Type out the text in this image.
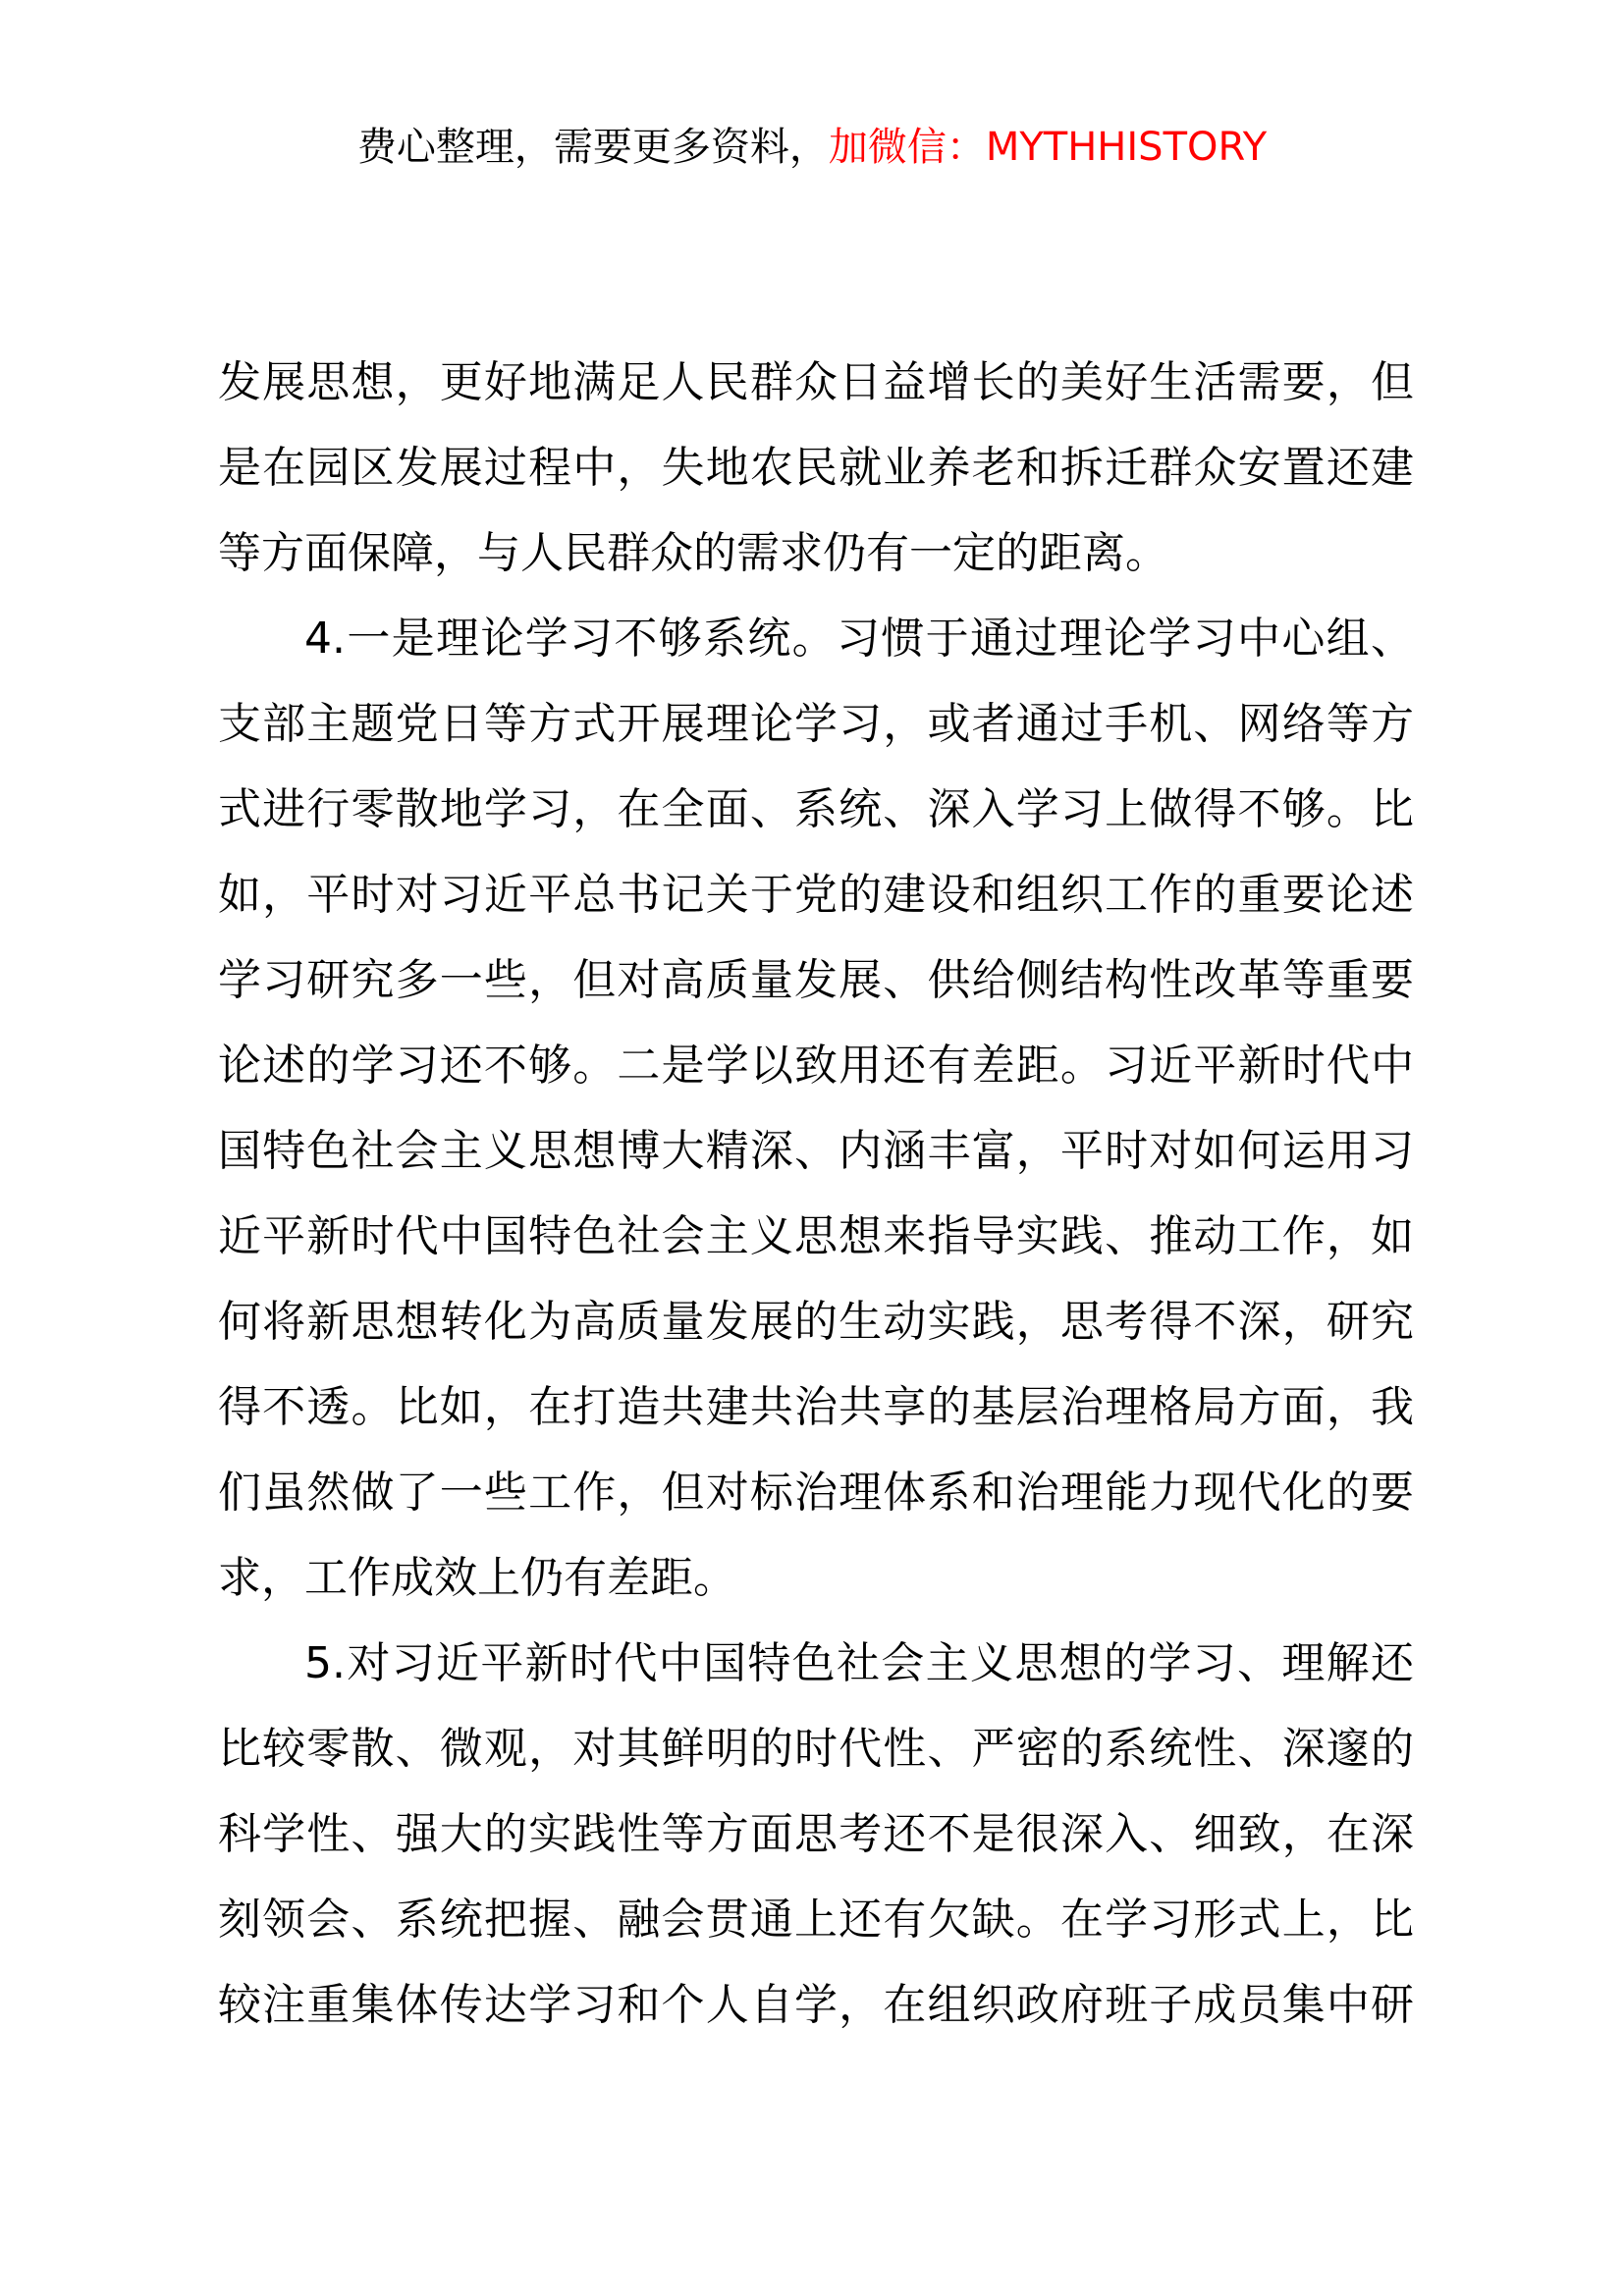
费心整理，需要更多资料，加微信：MYTHHISTORY
发展思想，更好地满足人民群众日益增长的美好生活需要，但
是在园区发展过程中，失地农民就业养老和拆迁群众安置还建
等方面保障，与人民群众的需求仍有一定的距离。
4.一是理论学习不够系统。习惯于通过理论学习中心组、
支部主题党日等方式开展理论学习，或者通过手机、网络等方
式进行零散地学习，在全面、系统、深入学习上做得不够。比
如，平时对习近平总书记关于党的建设和组织工作的重要论述
学习研究多一些，但对高质量发展、供给侧结构性改革等重要
论述的学习还不够。二是学以致用还有差距。习近平新时代中
国特色社会主义思想博大精深、内涵丰富，平时对如何运用习
近平新时代中国特色社会主义思想来指导实践、推动工作，如
何将新思想转化为高质量发展的生动实践，思考得不深，研究
得不透。比如，在打造共建共治共享的基层治理格局方面，我
们虽然做了一些工作，但对标治理体系和治理能力现代化的要
求，工作成效上仍有差距。
5.对习近平新时代中国特色社会主义思想的学习、理解还
比较零散、微观，对其鲜明的时代性、严密的系统性、深邃的
科学性、强大的实践性等方面思考还不是很深入、细致，在深
刻领会、系统把握、融会贯通上还有欠缺。在学习形式上，比
较注重集体传达学习和个人自学，在组织政府班子成员集中研
